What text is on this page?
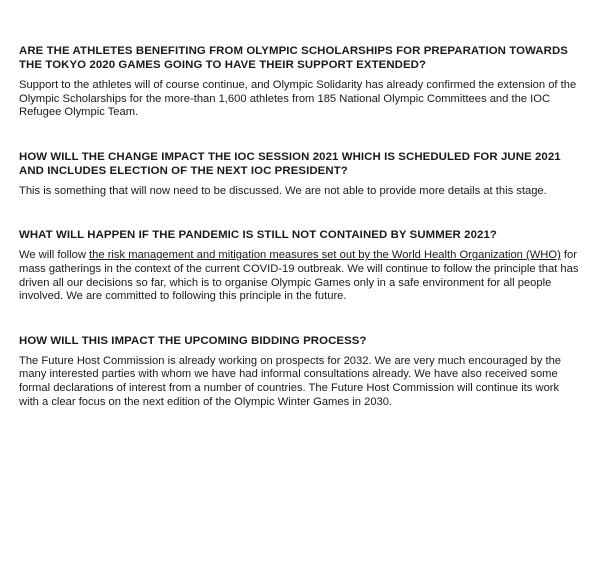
ARE THE ATHLETES BENEFITING FROM OLYMPIC SCHOLARSHIPS FOR PREPARATION TOWARDS THE TOKYO 2020 GAMES GOING TO HAVE THEIR SUPPORT EXTENDED?

Support to the athletes will of course continue, and Olympic Solidarity has already confirmed the extension of the Olympic Scholarships for the more-than 1,600 athletes from 185 National Olympic Committees and the IOC Refugee Olympic Team.

HOW WILL THE CHANGE IMPACT THE IOC SESSION 2021 WHICH IS SCHEDULED FOR JUNE 2021 AND INCLUDES ELECTION OF THE NEXT IOC PRESIDENT?

This is something that will now need to be discussed. We are not able to provide more details at this stage.

WHAT WILL HAPPEN IF THE PANDEMIC IS STILL NOT CONTAINED BY SUMMER 2021?

We will follow the risk management and mitigation measures set out by the World Health Organization (WHO) for mass gatherings in the context of the current COVID-19 outbreak. We will continue to follow the principle that has driven all our decisions so far, which is to organise Olympic Games only in a safe environment for all people involved. We are committed to following this principle in the future.

HOW WILL THIS IMPACT THE UPCOMING BIDDING PROCESS?

The Future Host Commission is already working on prospects for 2032. We are very much encouraged by the many interested parties with whom we have had informal consultations already. We have also received some formal declarations of interest from a number of countries. The Future Host Commission will continue its work with a clear focus on the next edition of the Olympic Winter Games in 2030.
